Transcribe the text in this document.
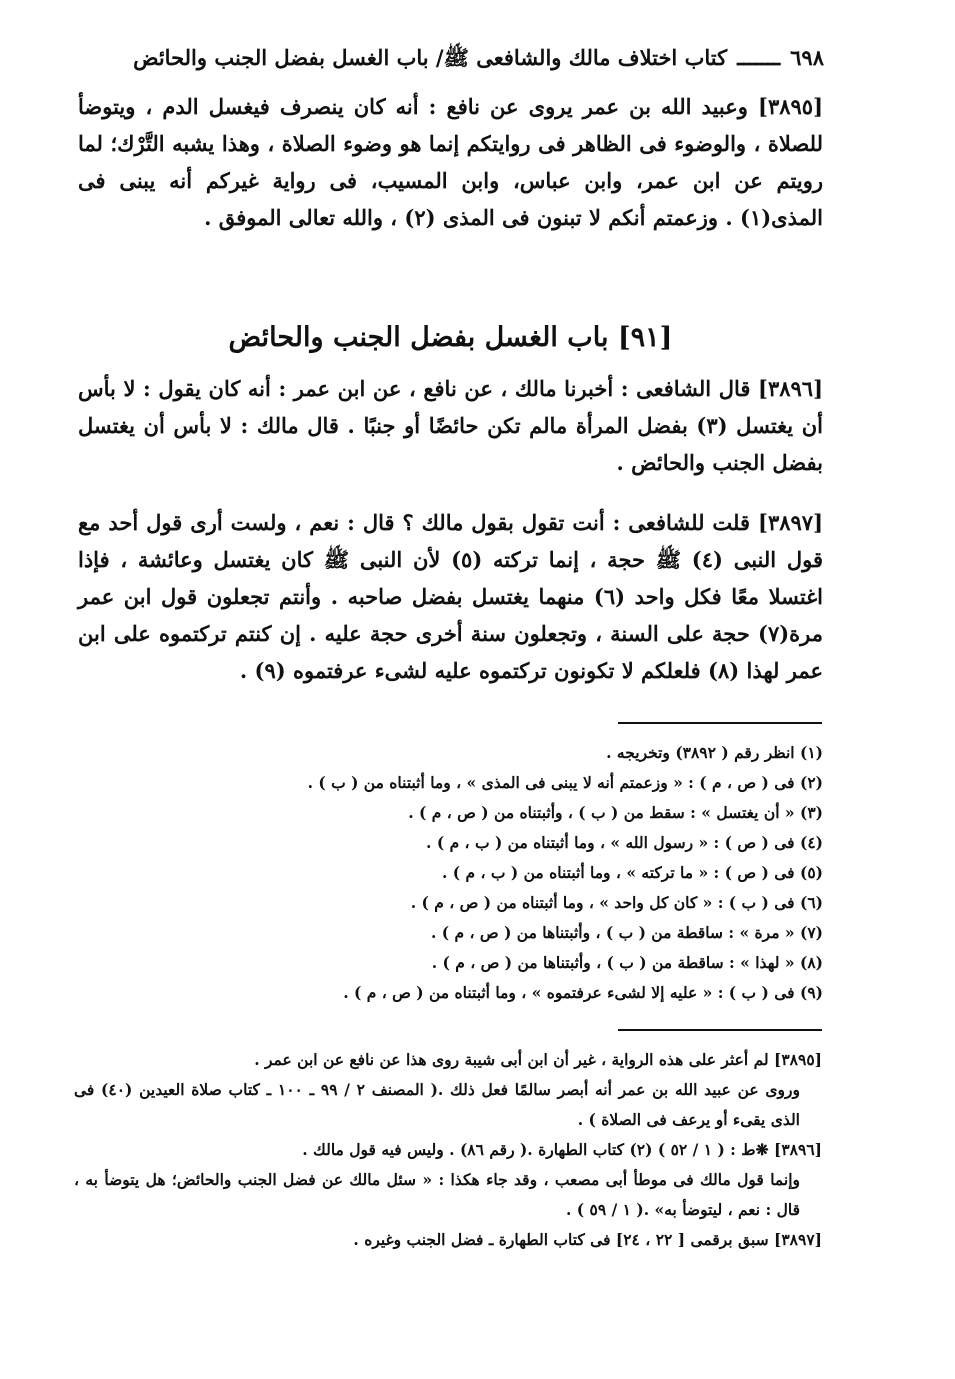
٦٩٨
ـــــــ
كتاب اختلاف مالك والشافعى ﷺ/ باب الغسل بفضل الجنب والحائض
[٣٨٩٥] وعبيد الله بن عمر يروى عن نافع : أنه كان ينصرف فيغسل الدم ، ويتوضأ للصلاة ، والوضوء فى الظاهر فى روايتكم إنما هو وضوء الصلاة ، وهذا يشبه التَّرْك؛ لما رويتم عن ابن عمر، وابن عباس، وابن المسيب، فى رواية غيركم أنه يبنى فى المذى(١) . وزعمتم أنكم لا تبنون فى المذى (٢) ، والله تعالى الموفق .
[٩١] باب الغسل بفضل الجنب والحائض
[٣٨٩٦] قال الشافعى : أخبرنا مالك ، عن نافع ، عن ابن عمر : أنه كان يقول : لا بأس أن يغتسل (٣) بفضل المرأة مالم تكن حائضًا أو جنبًا . قال مالك : لا بأس أن يغتسل بفضل الجنب والحائض .
[٣٨٩٧] قلت للشافعى : أنت تقول بقول مالك ؟ قال : نعم ، ولست أرى قول أحد مع قول النبى (٤) ﷺ حجة ، إنما تركته (٥) لأن النبى ﷺ كان يغتسل وعائشة ، فإذا اغتسلا معًا فكل واحد (٦) منهما يغتسل بفضل صاحبه . وأنتم تجعلون قول ابن عمر مرة(٧) حجة على السنة ، وتجعلون سنة أخرى حجة عليه . إن كنتم تركتموه على ابن عمر لهذا (٨) فلعلكم لا تكونون تركتموه عليه لشىء عرفتموه (٩) .
(١) انظر رقم ( ٣٨٩٢) وتخريجه .
(٢) فى ( ص ، م ) : « وزعمتم أنه لا يبنى فى المذى » ، وما أثبتناه من ( ب ) .
(٣) « أن يغتسل » : سقط من ( ب ) ، وأثبتناه من ( ص ، م ) .
(٤) فى ( ص ) : « رسول الله » ، وما أثبتناه من ( ب ، م ) .
(٥) فى ( ص ) : « ما تركته » ، وما أثبتناه من ( ب ، م ) .
(٦) فى ( ب ) : « كان كل واحد » ، وما أثبتناه من ( ص ، م ) .
(٧) « مرة » : ساقطة من ( ب ) ، وأثبتناها من ( ص ، م ) .
(٨) « لهذا » : ساقطة من ( ب ) ، وأثبتناها من ( ص ، م ) .
(٩) فى ( ب ) : « عليه إلا لشىء عرفتموه » ، وما أثبتناه من ( ص ، م ) .
[٣٨٩٥] لم أعثر على هذه الرواية ، غير أن ابن أبى شيبة روى هذا عن نافع عن ابن عمر .
وروى عن عبيد الله بن عمر أنه أبصر سالمًا فعل ذلك .( المصنف ٢ / ٩٩ ـ ١٠٠ ـ كتاب صلاة العيدين (٤٠) فى الذى يقىء أو يرعف فى الصلاة ) .
[٣٨٩٦] ❋ط : ( ١ / ٥٢ ) (٢) كتاب الطهارة .( رقم ٨٦) . وليس فيه قول مالك .
وإنما قول مالك فى موطأ أبى مصعب ، وقد جاء هكذا : « سئل مالك عن فضل الجنب والحائض؛ هل يتوضأ به ، قال : نعم ، ليتوضأ به» .( ١ / ٥٩ ) .
[٣٨٩٧] سبق برقمى [ ٢٢ ، ٢٤] فى كتاب الطهارة ـ فضل الجنب وغيره .
